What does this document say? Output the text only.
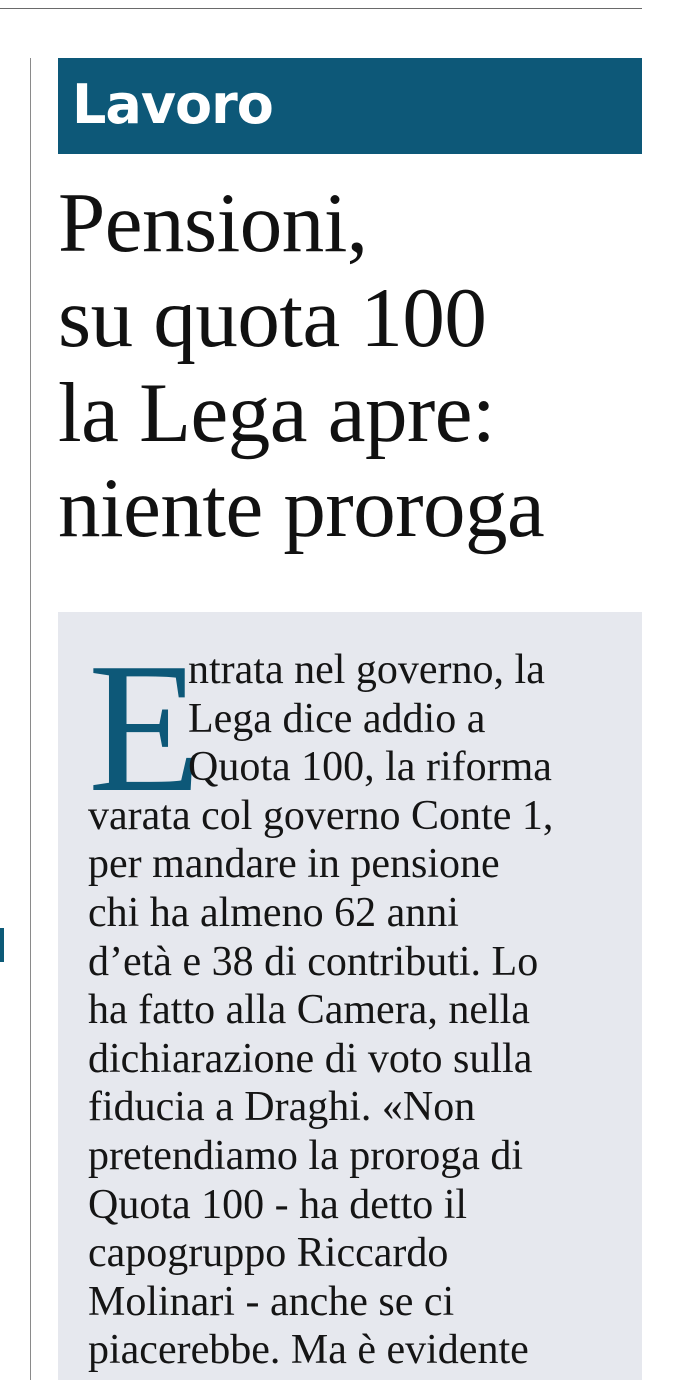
Lavoro
Pensioni,
su quota 100
la Lega apre:
niente proroga
E

ntrata nel governo, la
Lega dice addio a
Quota 100, la riforma
varata col governo Conte 1,
per mandare in pensione
chi ha almeno 62 anni
d’età e 38 di contributi. Lo
ha fatto alla Camera, nella
dichiarazione di voto sulla
fiducia a Draghi. «Non
pretendiamo la proroga di
Quota 100 - ha detto il
capogruppo Riccardo
Molinari - anche se ci
piacerebbe. Ma è evidente
